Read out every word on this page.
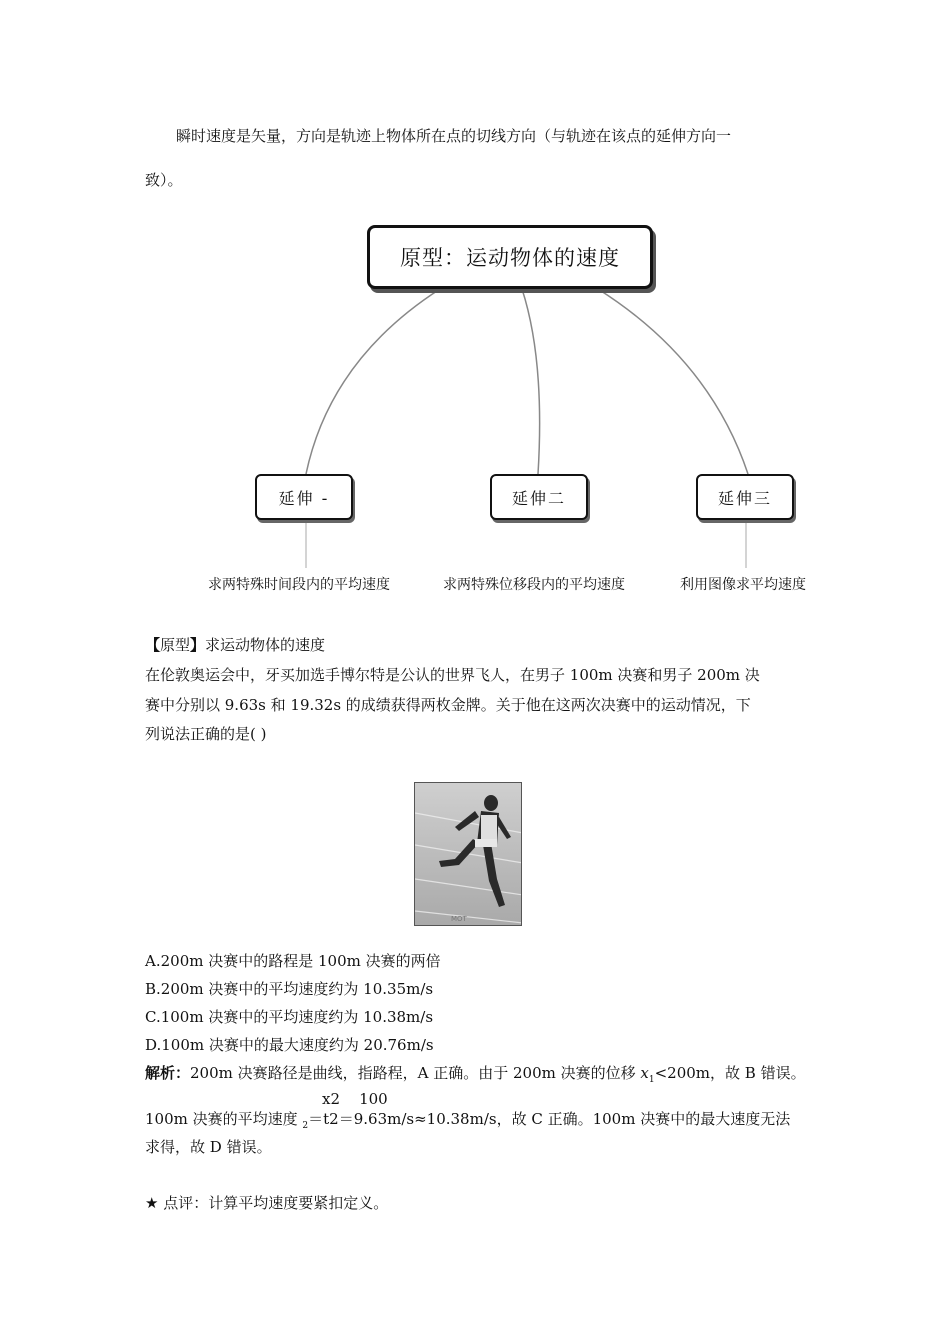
瞬时速度是矢量，方向是轨迹上物体所在点的切线方向（与轨迹在该点的延伸方向一
致）。
原型：运动物体的速度
延伸 -	延伸二	延伸三
求两特殊时间段内的平均速度	求两特殊位移段内的平均速度	利用图像求平均速度
【原型】求运动物体的速度
在伦敦奥运会中，牙买加选手博尔特是公认的世界飞人，在男子 100m 决赛和男子 200m 决
赛中分别以 9.63s 和 19.32s 的成绩获得两枚金牌。关于他在这两次决赛中的运动情况，下
列说法正确的是( )
MOT
A.200m 决赛中的路程是 100m 决赛的两倍
B.200m 决赛中的平均速度约为 10.35m/s
C.100m 决赛中的平均速度约为 10.38m/s
D.100m 决赛中的最大速度约为 20.76m/s
解析：200m 决赛路径是曲线，指路程，A 正确。由于 200m 决赛的位移 $x_1<200m$，故 B 错误。
x2    100
100m 决赛的平均速度 $_2$＝t2＝9.63m/s≈10.38m/s，故 C 正确。100m 决赛中的最大速度无法
求得，故 D 错误。
★ 点评：计算平均速度要紧扣定义。
